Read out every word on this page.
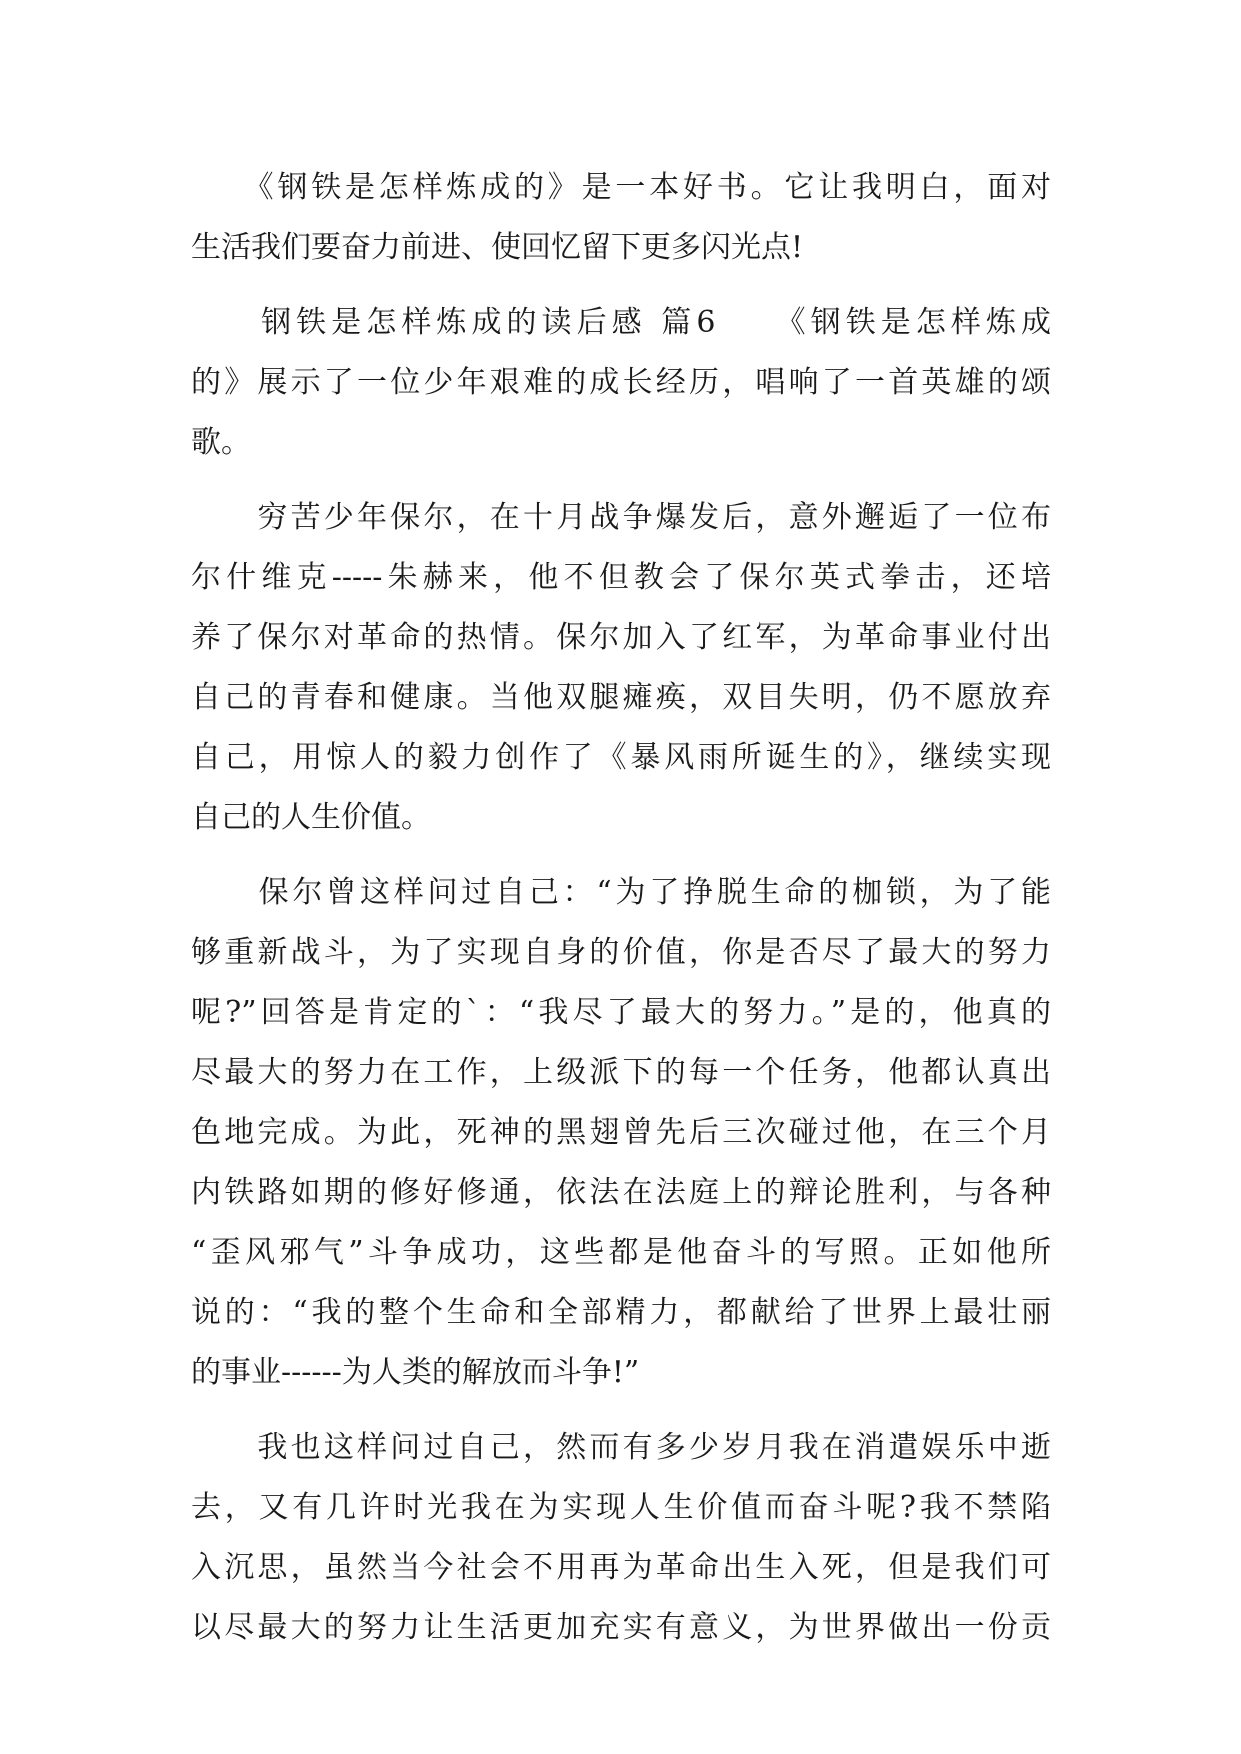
　　《钢铁是怎样炼成的》是一本好书。它让我明白，面对
生活我们要奋力前进、使回忆留下更多闪光点!
　　钢铁是怎样炼成的读后感 篇6　　《钢铁是怎样炼成
的》展示了一位少年艰难的成长经历，唱响了一首英雄的颂
歌。
　　穷苦少年保尔，在十月战争爆发后，意外邂逅了一位布
尔什维克-----朱赫来，他不但教会了保尔英式拳击，还培
养了保尔对革命的热情。保尔加入了红军，为革命事业付出
自己的青春和健康。当他双腿瘫痪，双目失明，仍不愿放弃
自己，用惊人的毅力创作了《暴风雨所诞生的》，继续实现
自己的人生价值。
　　保尔曾这样问过自己：“为了挣脱生命的枷锁，为了能
够重新战斗，为了实现自身的价值，你是否尽了最大的努力
呢?”回答是肯定的`：“我尽了最大的努力。”是的，他真的
尽最大的努力在工作，上级派下的每一个任务，他都认真出
色地完成。为此，死神的黑翅曾先后三次碰过他，在三个月
内铁路如期的修好修通，依法在法庭上的辩论胜利，与各种
“歪风邪气”斗争成功，这些都是他奋斗的写照。正如他所
说的：“我的整个生命和全部精力，都献给了世界上最壮丽
的事业------为人类的解放而斗争!”
　　我也这样问过自己，然而有多少岁月我在消遣娱乐中逝
去，又有几许时光我在为实现人生价值而奋斗呢?我不禁陷
入沉思，虽然当今社会不用再为革命出生入死，但是我们可
以尽最大的努力让生活更加充实有意义，为世界做出一份贡
